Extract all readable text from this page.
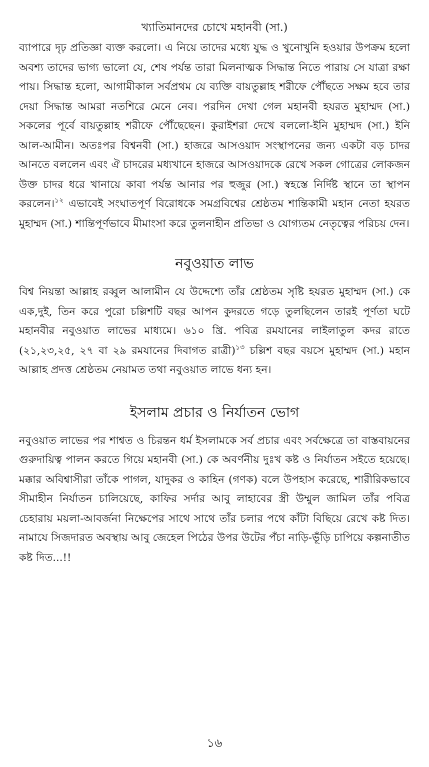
খ্যাতিমানদের চোখে মহানবী (সা.)

ব্যাপারে দৃঢ় প্রতিজ্ঞা ব্যক্ত করলো। এ নিয়ে তাদের মধ্যে যুদ্ধ ও খুনোখুনি হওয়ার উপক্রম হলো অবশ্য তাদের ভাগ্য ভালো যে, শেষ পর্যন্ত তারা মিলনাত্মক সিদ্ধান্ত নিতে পারায় সে যাত্রা রক্ষা পায়। সিদ্ধান্ত হলো, আগামীকাল সর্বপ্রথম যে ব্যক্তি বায়তুল্লাহ শরীফে পৌঁছতে সক্ষম হবে তার দেয়া সিদ্ধান্ত আমরা নতশিরে মেনে নেব। পরদিন দেখা গেল মহানবী হযরত মুহাম্মদ (সা.) সকলের পূর্বে বায়তুল্লাহ শরীফে পৌঁছেছেন। কুরাইশরা দেখে বললো-ইনি মুহাম্মদ (সা.) ইনি আল-আমীন। অতঃপর বিশ্বনবী (সা.) হাজরে আসওয়াদ সংস্থাপনের জন্য একটা বড় চাদর আনতে বললেন এবং ঐ চাদরের মধ্যখানে হাজরে আসওয়াদকে রেখে সকল গোত্রের লোকজন উক্ত চাদর ধরে খানায়ে কাবা পর্যন্ত আনার পর হুজুর (সা.) স্বহস্তে নির্দিষ্ট স্থানে তা স্থাপন করলেন।$^{১২}$ এভাবেই সংঘাতপূর্ণ বিরোধকে সমগ্রবিশ্বের শ্রেষ্ঠতম শান্তিকামী মহান নেতা হযরত মুহাম্মদ (সা.) শান্তিপূর্ণভাবে মীমাংসা করে তুলনাহীন প্রতিভা ও যোগ্যতম নেতৃত্বের পরিচয় দেন।

নবুওয়াত লাভ

বিশ্ব নিয়ন্তা আল্লাহ রব্বুল আলামীন যে উদ্দেশ্যে তাঁর শ্রেষ্ঠতম সৃষ্টি হযরত মুহাম্মদ (সা.) কে এক,দুই, তিন করে পুরো চল্লিশটি বছর আপন কুদরতে গড়ে তুলছিলেন তারই পূর্ণতা ঘটে মহানবীর নবুওয়াত লাভের মাধ্যমে। ৬১০ খ্রি. পবিত্র রমযানের লাইলাতুল কদর রাতে (২১,২৩,২৫, ২৭ বা ২৯ রমযানের দিবাগত রাত্রী)$^{১৩}$ চল্লিশ বছর বয়সে মুহাম্মদ (সা.) মহান আল্লাহ প্রদত্ত শ্রেষ্ঠতম নেয়ামত তথা নবুওয়াত লাভে ধন্য হন।

ইসলাম প্রচার ও নির্যাতন ভোগ

নবুওয়াত লাভের পর শাশ্বত ও চিরন্তন ধর্ম ইসলামকে সর্ব প্রচার এবং সর্বক্ষেত্রে তা বাস্তবায়নের গুরুদায়িত্ব পালন করতে গিয়ে মহানবী (সা.) কে অবর্ণনীয় দুঃখ কষ্ট ও নির্যাতন সইতে হয়েছে। মক্কার অবিশ্বাসীরা তাঁকে পাগল, যাদুকর ও কাহিন (গণক) বলে উপহাস করেছে, শারীরিকভাবে সীমাহীন নির্যাতন চালিয়েছে, কাফির সর্দার আবু লাহাবের স্ত্রী উম্মুল জামিল তাঁর পবিত্র চেহারায় ময়লা-আবর্জনা নিক্ষেপের সাথে সাথে তাঁর চলার পথে কাঁটা বিছিয়ে রেখে কষ্ট দিত। নামাযে সিজদারত অবস্থায় আবু জেহেল পিঠের উপর উটের পঁচা নাড়ি-ভূঁড়ি চাপিয়ে কল্পনাতীত কষ্ট দিত...!!

১৬
